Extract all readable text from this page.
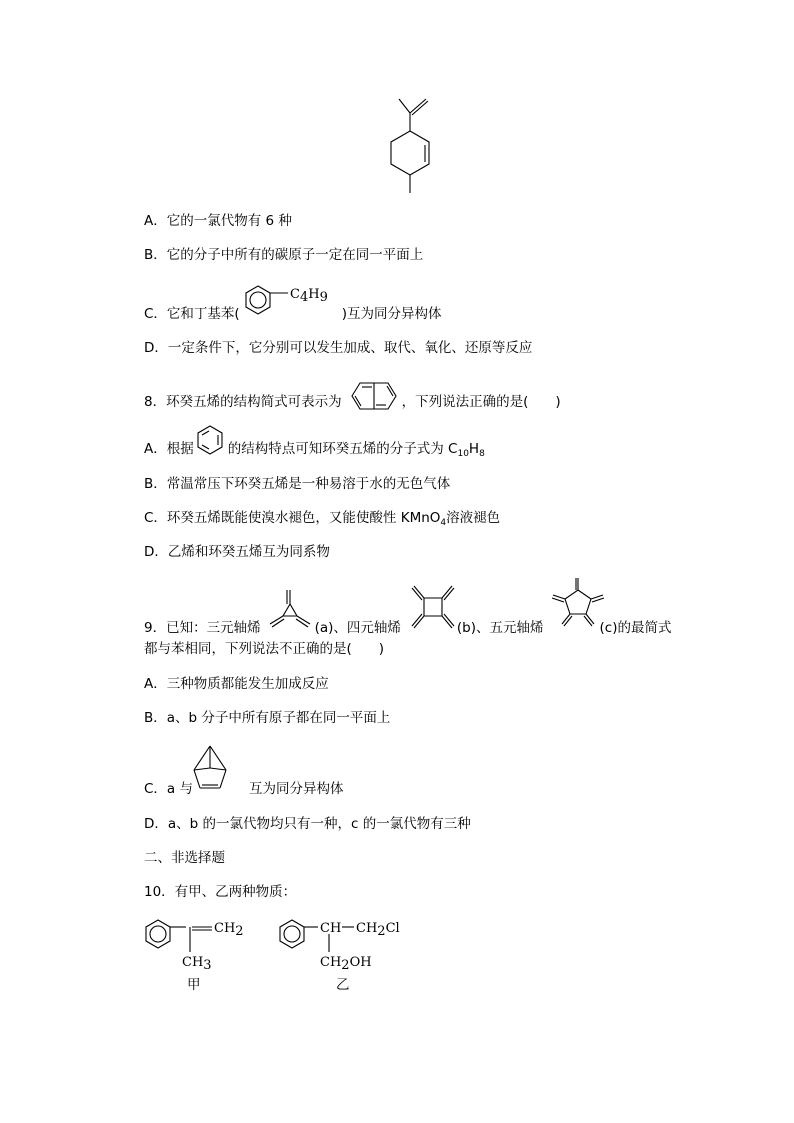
A．它的一氯代物有 6 种
B．它的分子中所有的碳原子一定在同一平面上
C．它和丁基苯(	)互为同分异构体
C4H9
D．一定条件下，它分别可以发生加成、取代、氧化、还原等反应
8．环癸五烯的结构简式可表示为	，下列说法正确的是(　　)
A．根据	的结构特点可知环癸五烯的分子式为 $C_{10}H_8$
B．常温常压下环癸五烯是一种易溶于水的无色气体
C．环癸五烯既能使溴水褪色，又能使酸性 KMnO$_4$溶液褪色
D．乙烯和环癸五烯互为同系物
9．已知：三元轴烯	(a)、四元轴烯	(b)、五元轴烯	(c)的最简式
都与苯相同，下列说法不正确的是(　　)
A．三种物质都能发生加成反应
B．a、b 分子中所有原子都在同一平面上
C．a 与	互为同分异构体
D．a、b 的一氯代物均只有一种，c 的一氯代物有三种
二、非选择题
10．有甲、乙两种物质：
CH2
CH3
甲
CH CH2Cl
CH2OH
乙
